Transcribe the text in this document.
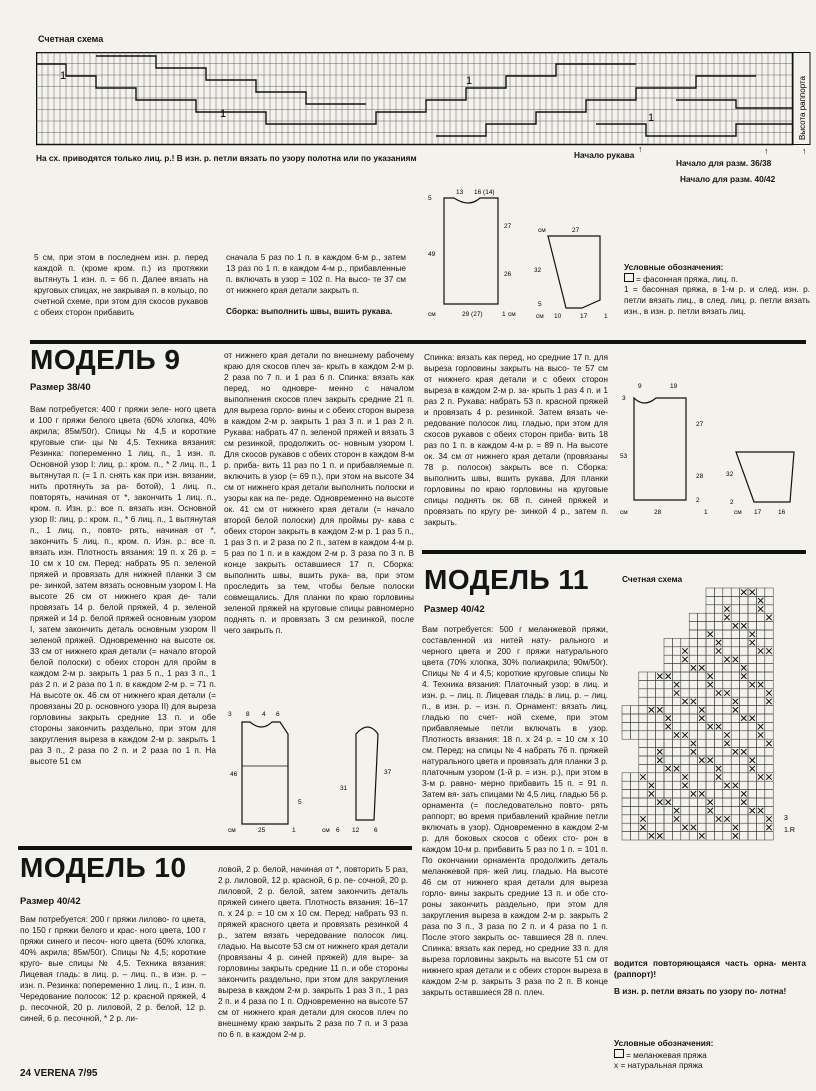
Счетная схема
Высота раппорта
1	1
1	1
На сх. приводятся только лиц. р.! В изн. р. петли вязать по узору полотна или по указаниям	Начало рукава
↑
Начало для разм. 36/38
↑
Начало для разм. 40/42
↑
5 см, при этом в последнем изн. р. перед каждой п. (кроме кром. п.) из протяжки вытянуть 1 изн. п. = 66 п. Далее вязать на круговых спицах, не закрывая п. в кольцо, по счетной схеме, при этом для скосов рукавов с обеих сторон прибавить
сначала 5 раз по 1 п. в каждом 6-м р., затем 13 раз по 1 п. в каждом 4-м р., прибавленные п. включать в узор = 102 п. На высо- те 37 см от нижнего края детали закрыть п.
Сборка: выполнить швы, вшить рукава.
13 16 (14)
27
26
49
29 (27)
см	1 см
5
27
см
32
5
см 10	17	1
Условные обозначения:
= фасонная пряжа, лиц. п.
1 = басонная пряжа, в 1-м р. и след. изн. р. петли вязать лиц., в след. лиц. р. петли вязать изн., в изн. р. петли вязать лиц.
МОДЕЛЬ 9
Размер 38/40
Вам потребуется: 400 г пряжи зеле- ного цвета и 100 г пряжи белого цвета (60% хлопка, 40% акрила; 85м/50г). Спицы № 4,5 и короткие круговые спи- цы № 4,5. Техника вязания: Резинка: попеременно 1 лиц. п., 1 изн. п. Основной узор I: лиц. р.: кром. п., * 2 лиц. п., 1 вытянутая п. (= 1 п. снять как при изн. вязании, нить протянуть за ра- ботой), 1 лиц. п., повторять, начиная от *, закончить 1 лиц. п., кром. п. Изн. р.: все п. вязать изн. Основной узор II: лиц. р.: кром. п., * 6 лиц. п., 1 вытянутая п., 1 лиц. п., повто- рять, начиная от *, закончить 5 лиц. п., кром. п. Изн. р.: все п. вязать изн. Плотность вязания: 19 п. х 26 р. = 10 см х 10 см. Перед: набрать 95 п. зеленой пряжей и провязать для нижней планки 3 см ре- зинкой, затем вязать основным узором I. На высоте 26 см от нижнего края де- тали провязать 14 р. белой пряжей, 4 р. зеленой пряжей и 14 р. белой пряжей основным узором I, затем закончить деталь основным узором II зеленой пряжей. Одновременно на высоте ок. 33 см от нижнего края детали (= начало второй белой полоски) с обеих сторон для пройм в каждом 2-м р. закрыть 1 раз 5 п., 1 раз 3 п., 1 раз 2 п. и 2 раза по 1 п. в каждом 2-м р. = 71 п. На высоте ок. 46 см от нижнего края детали (= провязаны 20 р. основного узора II) для выреза горловины закрыть средние 13 п. и обе стороны закончить раздельно, при этом для закругления выреза в каждом 2-м р. закрыть 1 раз 3 п., 2 раза по 2 п. и 2 раза по 1 п. На высоте 51 см
от нижнего края детали по внешнему рабочему краю для скосов плеч за- крыть в каждом 2-м р. 2 раза по 7 п. и 1 раз 6 п. Спинка: вязать как перед, но одновре- менно с началом выполнения скосов плеч закрыть средние 21 п. для выреза горло- вины и с обеих сторон выреза в каждом 2-м р. закрыть 1 раз 3 п. и 1 раз 2 п. Рукава: набрать 47 п. зеленой пряжей и вязать 3 см резинкой, продолжить ос- новным узором I. Для скосов рукавов с обеих сторон в каждом 8-м р. приба- вить 11 раз по 1 п. и прибавляемые п. включить в узор (= 69 п.), при этом на высоте 34 см от нижнего края детали выполнить полоски и узоры как на пе- реде. Одновременно на высоте ок. 41 см от нижнего края детали (= начало второй белой полоски) для проймы ру- кава с обеих сторон закрыть в каждом 2-м р. 1 раз 5 п., 1 раз 3 п. и 2 раза по 2 п., затем в каждом 4-м р. 5 раз по 1 п. и в каждом 2-м р. 3 раза по 3 п. В конце закрыть оставшиеся 17 п. Сборка: выполнить швы, вшить рука- ва, при этом проследить за тем, чтобы белые полоски совмещались. Для планки по краю горловины зеленой пряжей на круговые спицы равномерно поднять п. и провязать 3 см резинкой, после чего закрыть п.
Спинка: вязать как перед, но средние 17 п. для выреза горловины закрыть на высо- те 57 см от нижнего края детали и с обеих сторон выреза в каждом 2-м р. за- крыть 1 раз 4 п. и 1 раз 2 п. Рукава: набрать 53 п. красной пряжей и провязать 4 р. резинкой. Затем вязать че- редование полосок лиц. гладью, при этом для скосов рукавов с обеих сторон приба- вить 18 раз по 1 п. в каждом 4-м р. = 89 п. На высоте ок. 34 см от нижнего края детали (провязаны 78 р. полосок) закрыть все п. Сборка: выполнить швы, вшить рукава. Для планки горловины по краю горловины на круговые спицы поднять ок. 68 п. синей пряжей и провязать по кругу ре- зинкой 4 р., затем п. закрыть.
3 8 4 6
46
31
25
см	1	см 6 12 6
37
5
9	19
3
27
53
28
2
28
см	1
32
17	16
2
см
МОДЕЛЬ 11
Размер 40/42
Вам потребуется: 500 г меланжевой пряжи, составленной из нитей нату- рального и черного цвета и 200 г пряжи натурального цвета (70% хлопка, 30% полиакрила; 90м/50г). Спицы № 4 и 4,5; короткие круговые спицы № 4. Техника вязания: Платочный узор: в лиц. и изн. р. – лиц. п. Лицевая гладь: в лиц. р. – лиц. п., в изн. р. – изн. п. Орнамент: вязать лиц. гладью по счет- ной схеме, при этом прибавляемые петли включать в узор. Плотность вязания: 18 п. х 24 р. = 10 см х 10 см. Перед: на спицы № 4 набрать 76 п. пряжей натурального цвета и провязать для планки 3 р. платочным узором (1-й р. = изн. р.), при этом в 3-м р. равно- мерно прибавить 15 п. = 91 п. Затем вя- зать спицами № 4,5 лиц. гладью 56 р. орнамента (= последовательно повто- рять раппорт; во время прибавлений крайние петли включать в узор). Одновременно в каждом 2-м р. для боковых скосов с обеих сто- рон в каждом 10-м р. прибавить 5 раз по 1 п. = 101 п. По окончании орнамента продолжить деталь меланжевой пря- жей лиц. гладью. На высоте 46 см от нижнего края детали для выреза горло- вины закрыть средние 13 п. и обе сто- роны закончить раздельно, при этом для закругления выреза в каждом 2-м р. закрыть 2 раза по 3 п., 3 раза по 2 п. и 4 раза по 1 п. После этого закрыть ос- тавшиеся 28 п. плеч. Спинка: вязать как перед, но средние 33 п. для выреза горловины закрыть на высоте 51 см от нижнего края детали и с обеих сторон выреза в каждом 2-м р. закрыть 3 раза по 2 п. В конце закрыть оставшиеся 28 п. плеч.
Счетная схема
3
1.R
водится повторяющаяся часть орна- мента (раппорт)!
В изн. р. петли вязать по узору по- лотна!
Условные обозначения:
= меланжевая пряжа
x = натуральная пряжа
МОДЕЛЬ 10
Размер 40/42
Вам потребуется: 200 г пряжи лилово- го цвета, по 150 г пряжи белого и крас- ного цвета, 100 г пряжи синего и песоч- ного цвета (60% хлопка, 40% акрила; 85м/50г). Спицы № 4,5; короткие круго- вые спицы № 4,5. Техника вязания: Лицевая гладь: в лиц. р. – лиц. п., в изн. р. – изн. п. Резинка: попеременно 1 лиц. п., 1 изн. п. Чередование полосок: 12 р. красной пряжей, 4 р. песочной, 20 р. лиловой, 2 р. белой, 12 р. синей, 6 р. песочной, * 2 р. ли-
ловой, 2 р. белой, начиная от *, повторить 5 раз, 2 р. лиловой, 12 р. красной, 6 р. пе- сочной, 20 р. лиловой, 2 р. белой, затем закончить деталь пряжей синего цвета. Плотность вязания: 16–17 п. х 24 р. = 10 см х 10 см. Перед: набрать 93 п. пряжей красного цвета и провязать резинкой 4 р., затем вязать чередование полосок лиц. гладью. На высоте 53 см от нижнего края детали (провязаны 4 р. синей пряжей) для выре- за горловины закрыть средние 11 п. и обе стороны закончить раздельно, при этом для закругления выреза в каждом 2-м р. закрыть 1 раз 3 п., 1 раз 2 п. и 4 раза по 1 п. Одновременно на высоте 57 см от нижнего края детали для скосов плеч по внешнему краю закрыть 2 раза по 7 п. и 3 раза по 6 п. в каждом 2-м р.
24 VERENA 7/95
